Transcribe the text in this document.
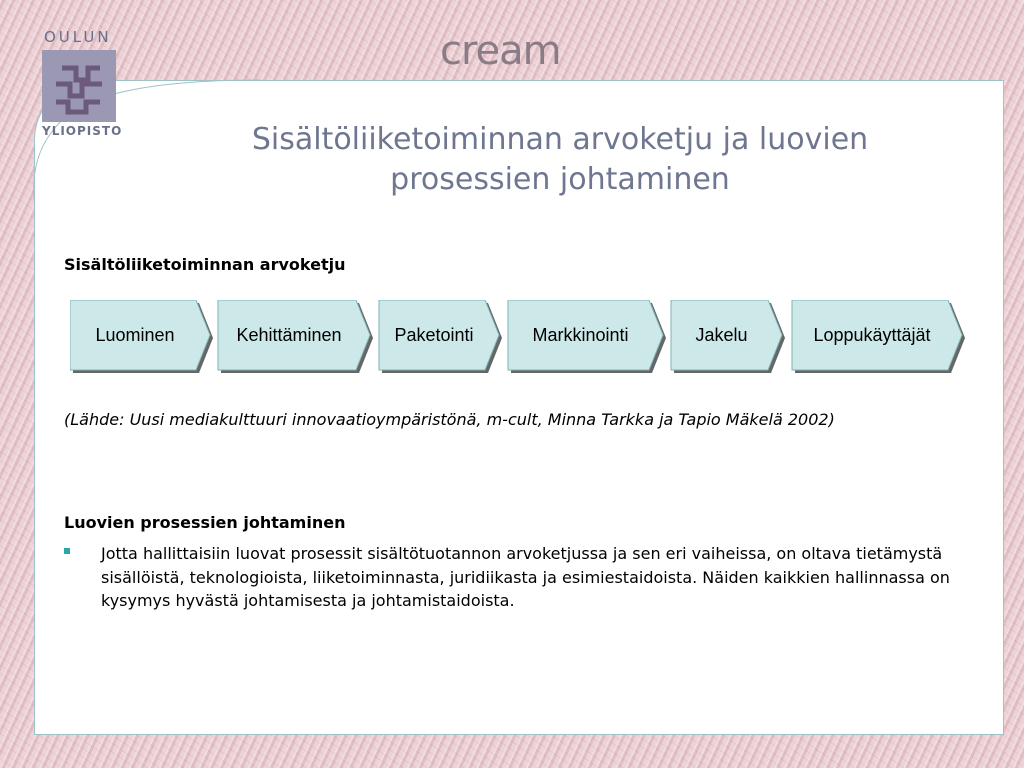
OULUN
YLIOPISTO
cream
Sisältöliiketoiminnan arvoketju ja luovien
prosessien johtaminen
Sisältöliiketoiminnan arvoketju
Luominen	Kehittäminen	Paketointi	Markkinointi	Jakelu	Loppukäyttäjät
(Lähde: Uusi mediakulttuuri innovaatioympäristönä, m-cult, Minna Tarkka ja Tapio Mäkelä 2002)
Luovien prosessien johtaminen
Jotta hallittaisiin luovat prosessit sisältötuotannon arvoketjussa ja sen eri vaiheissa, on oltava tietämystä sisällöistä, teknologioista, liiketoiminnasta, juridiikasta ja esimiestaidoista. Näiden kaikkien hallinnassa on kysymys hyvästä johtamisesta ja johtamistaidoista.
